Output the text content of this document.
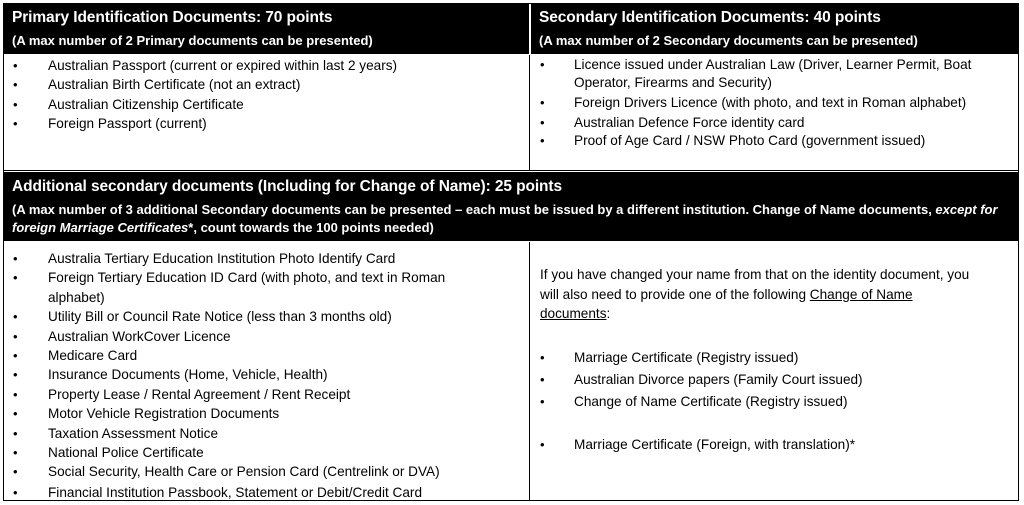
Primary Identification Documents: 70 points
(A max number of 2 Primary documents can be presented)
Secondary Identification Documents: 40 points
(A max number of 2 Secondary documents can be presented)
• Australian Passport (current or expired within last 2 years)
• Australian Birth Certificate (not an extract)
• Australian Citizenship Certificate
• Foreign Passport (current)
• Licence issued under Australian Law (Driver, Learner Permit, Boat Operator, Firearms and Security)
• Foreign Drivers Licence (with photo, and text in Roman alphabet)
• Australian Defence Force identity card
• Proof of Age Card / NSW Photo Card (government issued)
Additional secondary documents (Including for Change of Name): 25 points
(A max number of 3 additional Secondary documents can be presented – each must be issued by a different institution. Change of Name documents, except for foreign Marriage Certificates*, count towards the 100 points needed)
• Australia Tertiary Education Institution Photo Identify Card
• Foreign Tertiary Education ID Card (with photo, and text in Roman alphabet)
• Utility Bill or Council Rate Notice (less than 3 months old)
• Australian WorkCover Licence
• Medicare Card
• Insurance Documents (Home, Vehicle, Health)
• Property Lease / Rental Agreement / Rent Receipt
• Motor Vehicle Registration Documents
• Taxation Assessment Notice
• National Police Certificate
• Social Security, Health Care or Pension Card (Centrelink or DVA)
• Financial Institution Passbook, Statement or Debit/Credit Card
If you have changed your name from that on the identity document, you will also need to provide one of the following Change of Name documents:
• Marriage Certificate (Registry issued)
• Australian Divorce papers (Family Court issued)
• Change of Name Certificate (Registry issued)
• Marriage Certificate (Foreign, with translation)*
